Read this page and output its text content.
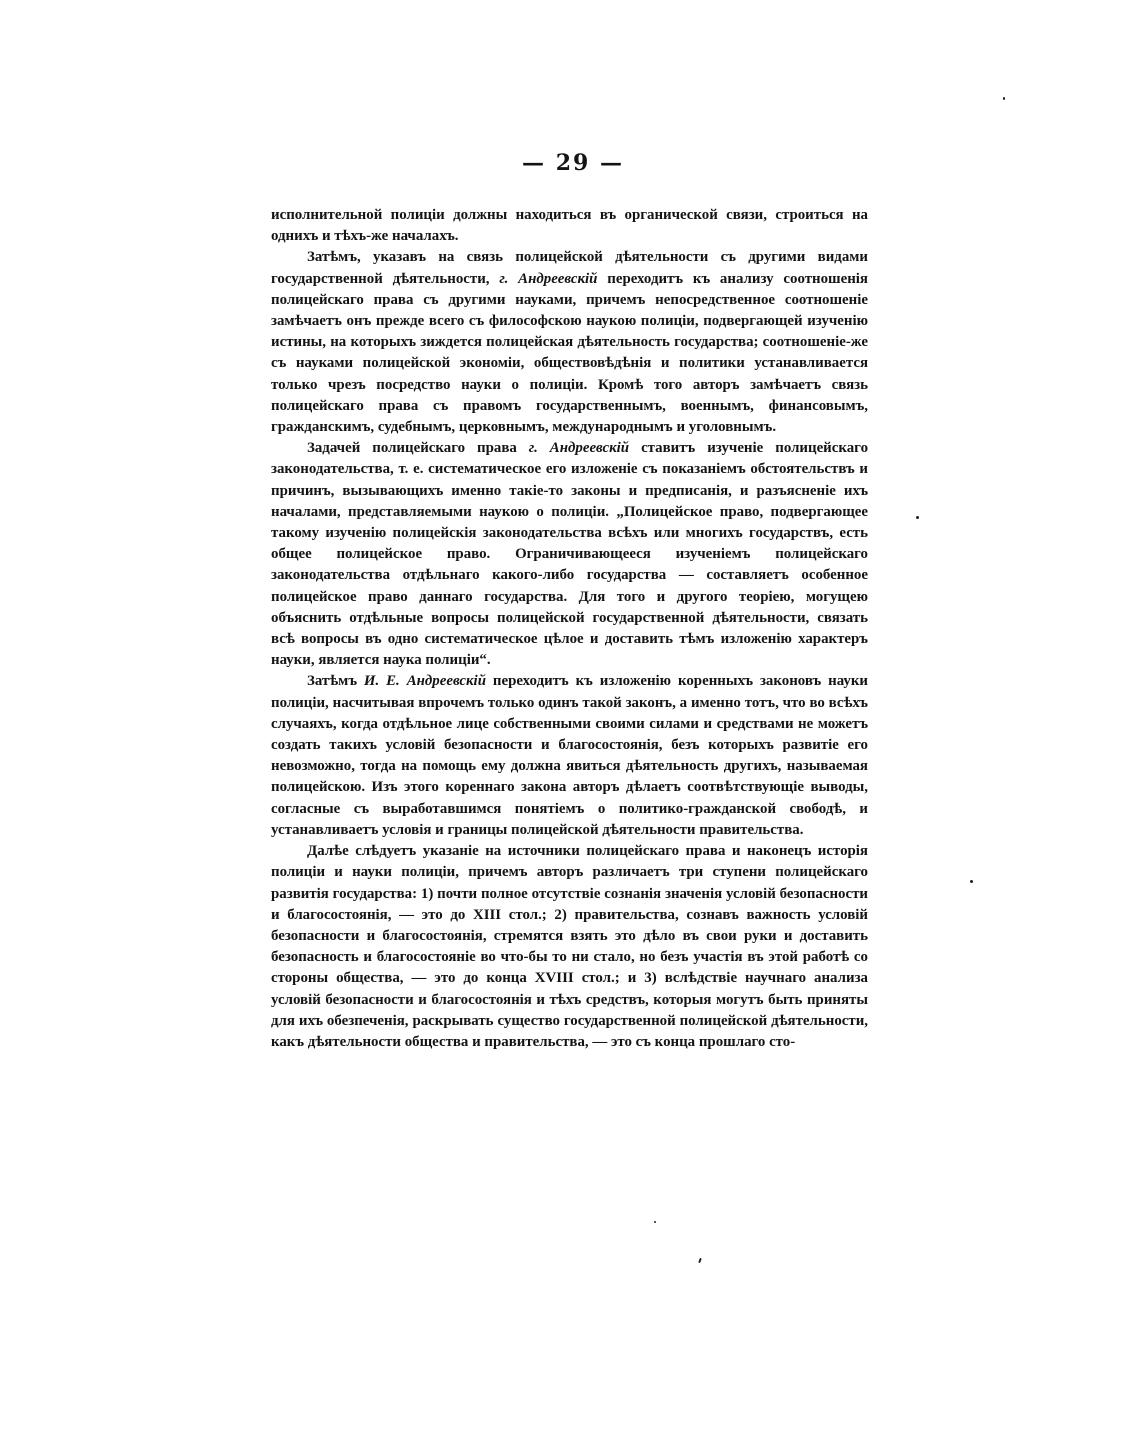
— 29 —

исполнительной полиціи должны находиться въ органической связи, строиться на однихъ и тѣхъ-же началахъ.

Затѣмъ, указавъ на связь полицейской дѣятельности съ другими видами государственной дѣятельности, г. Андреевскій переходитъ къ анализу соотношенія полицейскаго права съ другими науками, причемъ непосредственное соотношеніе замѣчаетъ онъ прежде всего съ философскою наукою полиціи, подвергающей изученію истины, на которыхъ зиждется полицейская дѣятельность государства; соотношеніе-же съ науками полицейской экономіи, обществовѣдѣнія и политики устанавливается только чрезъ посредство науки о полиціи. Кромѣ того авторъ замѣчаетъ связь полицейскаго права съ правомъ государственнымъ, военнымъ, финансовымъ, гражданскимъ, судебнымъ, церковнымъ, международнымъ и уголовнымъ.

Задачей полицейскаго права г. Андреевскій ставитъ изученіе полицейскаго законодательства, т. е. систематическое его изложеніе съ показаніемъ обстоятельствъ и причинъ, вызывающихъ именно такіе-то законы и предписанія, и разъясненіе ихъ началами, представляемыми наукою о полиціи. „Полицейское право, подвергающее такому изученію полицейскія законодательства всѣхъ или многихъ государствъ, есть общее полицейское право. Ограничивающееся изученіемъ полицейскаго законодательства отдѣльнаго какого-либо государства — составляетъ особенное полицейское право даннаго государства. Для того и другого теоріею, могущею объяснить отдѣльные вопросы полицейской государственной дѣятельности, связать всѣ вопросы въ одно систематическое цѣлое и доставить тѣмъ изложенію характеръ науки, является наука полиціи“.

Затѣмъ И. Е. Андреевскій переходитъ къ изложенію коренныхъ законовъ науки полиціи, насчитывая впрочемъ только одинъ такой законъ, а именно тотъ, что во всѣхъ случаяхъ, когда отдѣльное лице собственными своими силами и средствами не можетъ создать такихъ условій безопасности и благосостоянія, безъ которыхъ развитіе его невозможно, тогда на помощь ему должна явиться дѣятельность другихъ, называемая полицейскою. Изъ этого кореннаго закона авторъ дѣлаетъ соотвѣтствующіе выводы, согласные съ выработавшимся понятіемъ о политико-гражданской свободѣ, и устанавливаетъ условія и границы полицейской дѣятельности правительства.

Далѣе слѣдуетъ указаніе на источники полицейскаго права и наконецъ исторія полиціи и науки полиціи, причемъ авторъ различаетъ три ступени полицейскаго развитія государства: 1) почти полное отсутствіе сознанія значенія условій безопасности и благосостоянія, — это до XIII стол.; 2) правительства, сознавъ важность условій безопасности и благосостоянія, стремятся взять это дѣло въ свои руки и доставить безопасность и благосостояніе во что-бы то ни стало, но безъ участія въ этой работѣ со стороны общества, — это до конца XVIII стол.; и 3) вслѣдствіе научнаго анализа условій безопасности и благосостоянія и тѣхъ средствъ, которыя могутъ быть приняты для ихъ обезпеченія, раскрывать существо государственной полицейской дѣятельности, какъ дѣятельности общества и правительства, — это съ конца прошлаго сто-
